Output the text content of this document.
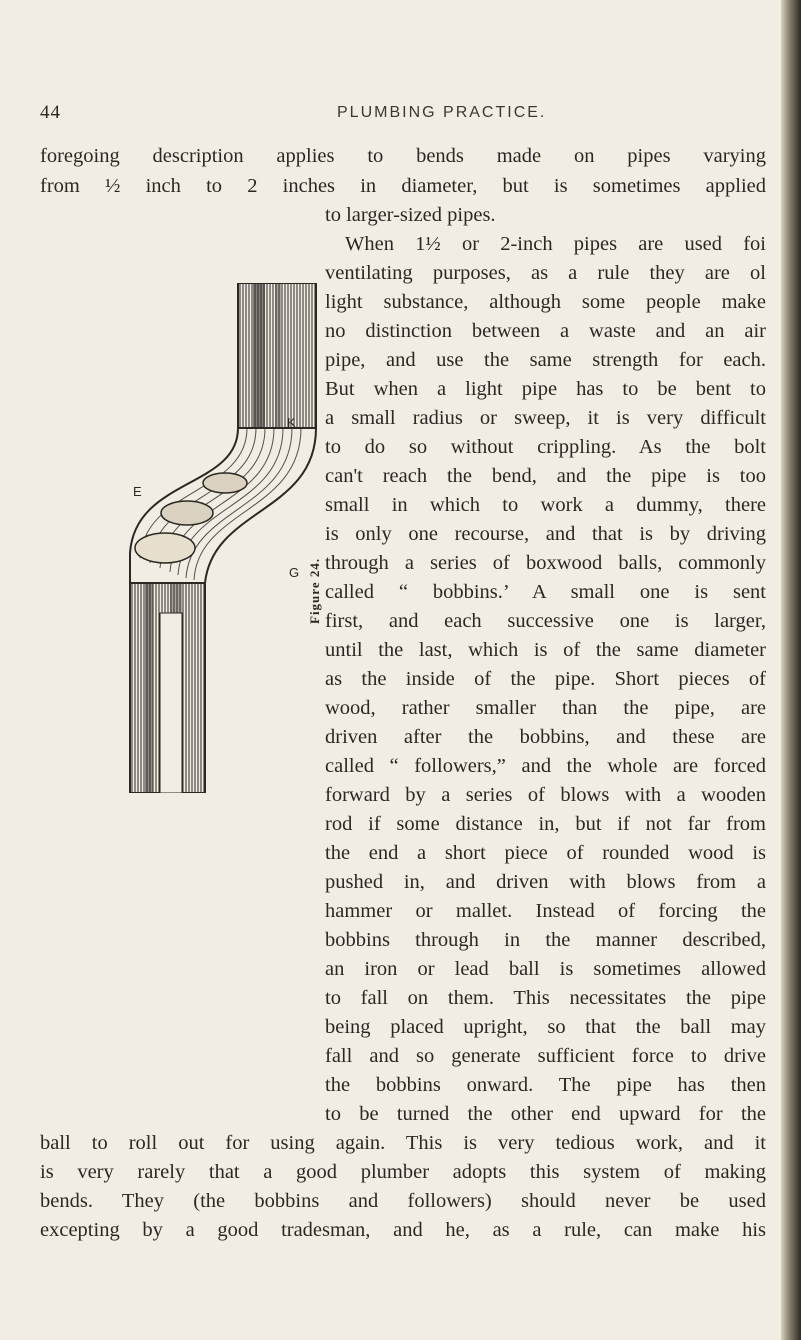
44	PLUMBING PRACTICE.
foregoing description applies to bends made on pipes varying
from ½ inch to 2 inches in diameter, but is sometimes applied
to larger-sized pipes.
When 1½ or 2-inch pipes are used foi
ventilating purposes, as a rule they are ol
light substance, although some people make
no distinction between a waste and an air
pipe, and use the same strength for each.
But when a light pipe has to be bent to
a small radius or sweep, it is very difficult
to do so without crippling. As the bolt
can't reach the bend, and the pipe is too
small in which to work a dummy, there
is only one recourse, and that is by driving
through a series of boxwood balls, commonly
called “ bobbins.’ A small one is sent
first, and each successive one is larger,
until the last, which is of the same diameter
as the inside of the pipe. Short pieces of
wood, rather smaller than the pipe, are
driven after the bobbins, and these are
called “ followers,” and the whole are forced
forward by a series of blows with a wooden
rod if some distance in, but if not far from
the end a short piece of rounded wood is
pushed in, and driven with blows from a
hammer or mallet. Instead of forcing the
bobbins through in the manner described,
an iron or lead ball is sometimes allowed
to fall on them. This necessitates the pipe
being placed upright, so that the ball may
fall and so generate sufficient force to drive
the bobbins onward. The pipe has then
to be turned the other end upward for the
ball to roll out for using again. This is very tedious work, and it
is very rarely that a good plumber adopts this system of making
bends. They (the bobbins and followers) should never be used
excepting by a good tradesman, and he, as a rule, can make his
E
K
G Figure 24.
